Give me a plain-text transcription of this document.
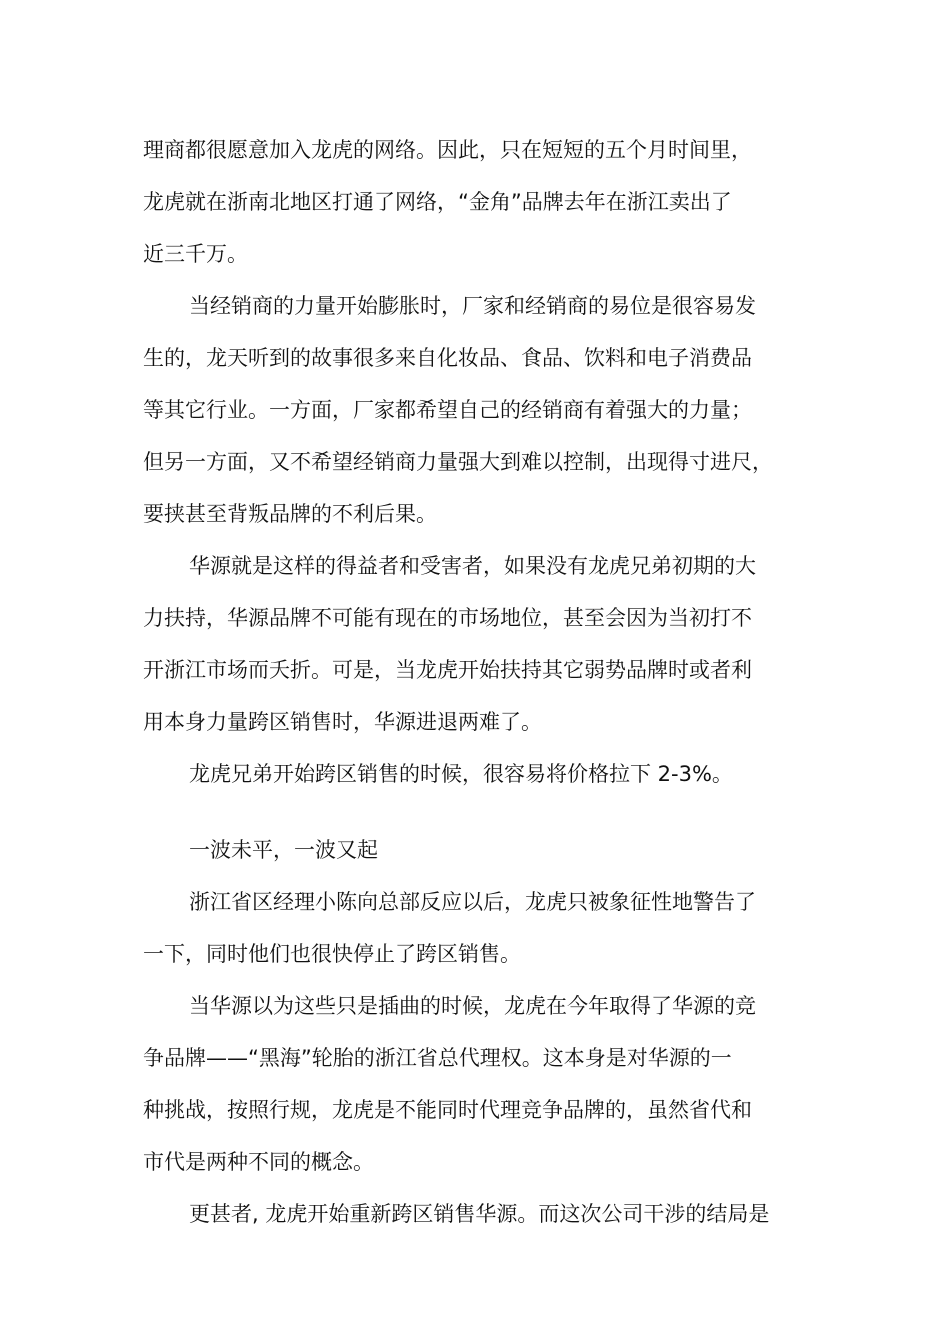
理商都很愿意加入龙虎的网络。因此，只在短短的五个月时间里，

龙虎就在浙南北地区打通了网络，“金角”品牌去年在浙江卖出了

近三千万。

当经销商的力量开始膨胀时，厂家和经销商的易位是很容易发

生的，龙天听到的故事很多来自化妆品、食品、饮料和电子消费品

等其它行业。一方面，厂家都希望自己的经销商有着强大的力量；

但另一方面，又不希望经销商力量强大到难以控制，出现得寸进尺，

要挟甚至背叛品牌的不利后果。

华源就是这样的得益者和受害者，如果没有龙虎兄弟初期的大

力扶持，华源品牌不可能有现在的市场地位，甚至会因为当初打不

开浙江市场而夭折。可是，当龙虎开始扶持其它弱势品牌时或者利

用本身力量跨区销售时，华源进退两难了。

龙虎兄弟开始跨区销售的时候，很容易将价格拉下 2-3%。

一波未平，一波又起

浙江省区经理小陈向总部反应以后，龙虎只被象征性地警告了

一下，同时他们也很快停止了跨区销售。

当华源以为这些只是插曲的时候，龙虎在今年取得了华源的竞

争品牌——“黑海”轮胎的浙江省总代理权。这本身是对华源的一

种挑战，按照行规，龙虎是不能同时代理竞争品牌的，虽然省代和

市代是两种不同的概念。

更甚者, 龙虎开始重新跨区销售华源。而这次公司干涉的结局是
